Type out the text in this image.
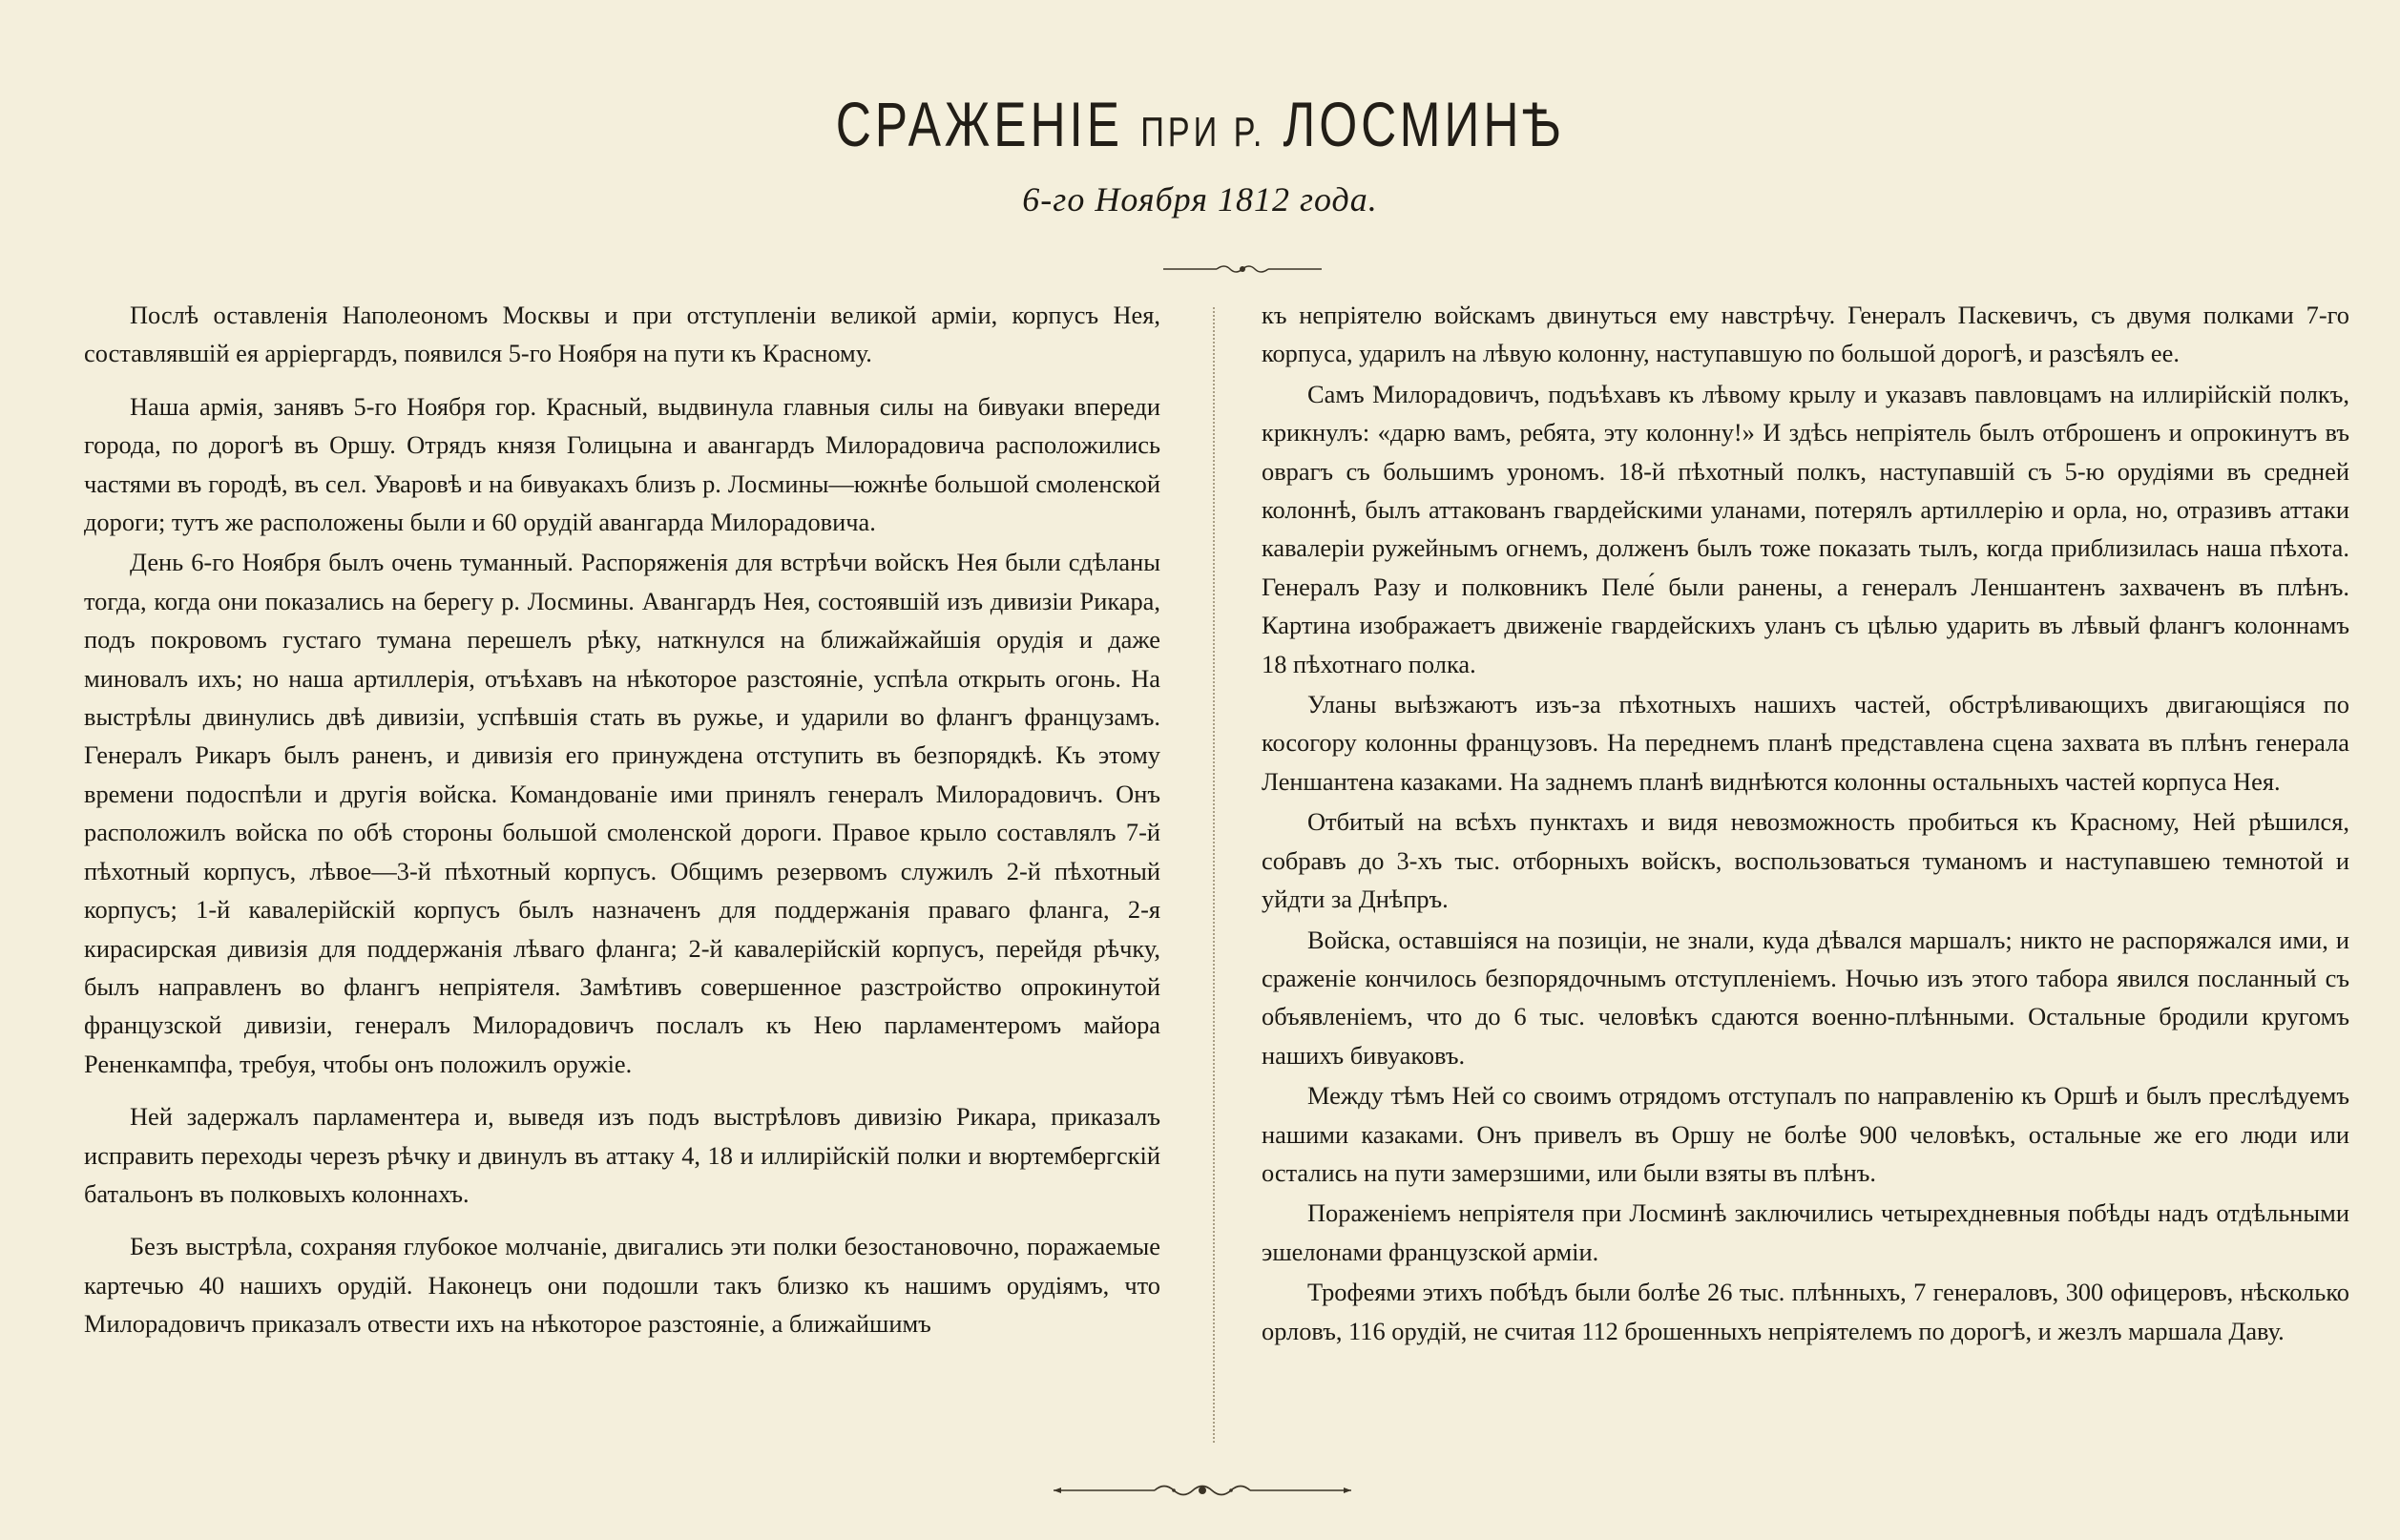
СРАЖЕНІЕ ПРИ Р. ЛОСМИНѢ
6-го Ноября 1812 года.

Послѣ оставленія Наполеономъ Москвы и при отступленіи великой арміи, корпусъ Нея, составлявшій ея арріергардъ, появился 5-го Ноября на пути къ Красному.

Наша армія, занявъ 5-го Ноября гор. Красный, выдвинула главныя силы на бивуаки впереди города, по дорогѣ въ Оршу. Отрядъ князя Голицына и авангардъ Милорадовича расположились частями въ городѣ, въ сел. Уваровѣ и на бивуакахъ близъ р. Лосмины—южнѣе большой смоленской дороги; тутъ же расположены были и 60 орудій авангарда Милорадовича.

День 6-го Ноября былъ очень туманный. Распоряженія для встрѣчи войскъ Нея были сдѣланы тогда, когда они показались на берегу р. Лосмины. Авангардъ Нея, состоявшій изъ дивизіи Рикара, подъ покровомъ густаго тумана перешелъ рѣку, наткнулся на ближайжайшія орудія и даже миновалъ ихъ; но наша артиллерія, отъѣхавъ на нѣкоторое разстояніе, успѣла открыть огонь. На выстрѣлы двинулись двѣ дивизіи, успѣвшія стать въ ружье, и ударили во флангъ французамъ. Генералъ Рикаръ былъ раненъ, и дивизія его принуждена отступить въ безпорядкѣ. Къ этому времени подоспѣли и другія войска. Командованіе ими принялъ генералъ Милорадовичъ. Онъ расположилъ войска по обѣ стороны большой смоленской дороги. Правое крыло составлялъ 7-й пѣхотный корпусъ, лѣвое—3-й пѣхотный корпусъ. Общимъ резервомъ служилъ 2-й пѣхотный корпусъ; 1-й кавалерійскій корпусъ былъ назначенъ для поддержанія праваго фланга, 2-я кирасирская дивизія для поддержанія лѣваго фланга; 2-й кавалерійскій корпусъ, перейдя рѣчку, былъ направленъ во флангъ непріятеля. Замѣтивъ совершенное разстройство опрокинутой французской дивизіи, генералъ Милорадовичъ послалъ къ Нею парламентеромъ майора Рененкампфа, требуя, чтобы онъ положилъ оружіе.

Ней задержалъ парламентера и, выведя изъ подъ выстрѣловъ дивизію Рикара, приказалъ исправить переходы черезъ рѣчку и двинулъ въ аттаку 4, 18 и иллирійскій полки и вюртембергскій батальонъ въ полковыхъ колоннахъ.

Безъ выстрѣла, сохраняя глубокое молчаніе, двигались эти полки безостановочно, поражаемые картечью 40 нашихъ орудій. Наконецъ они подошли такъ близко къ нашимъ орудіямъ, что Милорадовичъ приказалъ отвести ихъ на нѣкоторое разстояніе, а ближайшимъ

къ непріятелю войскамъ двинуться ему навстрѣчу. Генералъ Паскевичъ, съ двумя полками 7-го корпуса, ударилъ на лѣвую колонну, наступавшую по большой дорогѣ, и разсѣялъ ее.

Самъ Милорадовичъ, подъѣхавъ къ лѣвому крылу и указавъ павловцамъ на иллирійскій полкъ, крикнулъ: «дарю вамъ, ребята, эту колонну!» И здѣсь непріятель былъ отброшенъ и опрокинутъ въ оврагъ съ большимъ урономъ. 18-й пѣхотный полкъ, наступавшій съ 5-ю орудіями въ средней колоннѣ, былъ аттакованъ гвардейскими уланами, потерялъ артиллерію и орла, но, отразивъ аттаки кавалеріи ружейнымъ огнемъ, долженъ былъ тоже показать тылъ, когда приблизилась наша пѣхота. Генералъ Разу и полковникъ Пеле́ были ранены, а генералъ Леншантенъ захваченъ въ плѣнъ. Картина изображаетъ движеніе гвардейскихъ уланъ съ цѣлью ударить въ лѣвый флангъ колоннамъ 18 пѣхотнаго полка.

Уланы выѣзжаютъ изъ-за пѣхотныхъ нашихъ частей, обстрѣливающихъ двигающіяся по косогору колонны французовъ. На переднемъ планѣ представлена сцена захвата въ плѣнъ генерала Леншантена казаками. На заднемъ планѣ виднѣются колонны остальныхъ частей корпуса Нея.

Отбитый на всѣхъ пунктахъ и видя невозможность пробиться къ Красному, Ней рѣшился, собравъ до 3-хъ тыс. отборныхъ войскъ, воспользоваться туманомъ и наступавшею темнотой и уйдти за Днѣпръ.

Войска, оставшіяся на позиціи, не знали, куда дѣвался маршалъ; никто не распоряжался ими, и сраженіе кончилось безпорядочнымъ отступленіемъ. Ночью изъ этого табора явился посланный съ объявленіемъ, что до 6 тыс. человѣкъ сдаются военно-плѣнными. Остальные бродили кругомъ нашихъ бивуаковъ.

Между тѣмъ Ней со своимъ отрядомъ отступалъ по направленію къ Оршѣ и былъ преслѣдуемъ нашими казаками. Онъ привелъ въ Оршу не болѣе 900 человѣкъ, остальные же его люди или остались на пути замерзшими, или были взяты въ плѣнъ.

Пораженіемъ непріятеля при Лосминѣ заключились четырехдневныя побѣды надъ отдѣльными эшелонами французской арміи.

Трофеями этихъ побѣдъ были болѣе 26 тыс. плѣнныхъ, 7 генераловъ, 300 офицеровъ, нѣсколько орловъ, 116 орудій, не считая 112 брошенныхъ непріятелемъ по дорогѣ, и жезлъ маршала Даву.
